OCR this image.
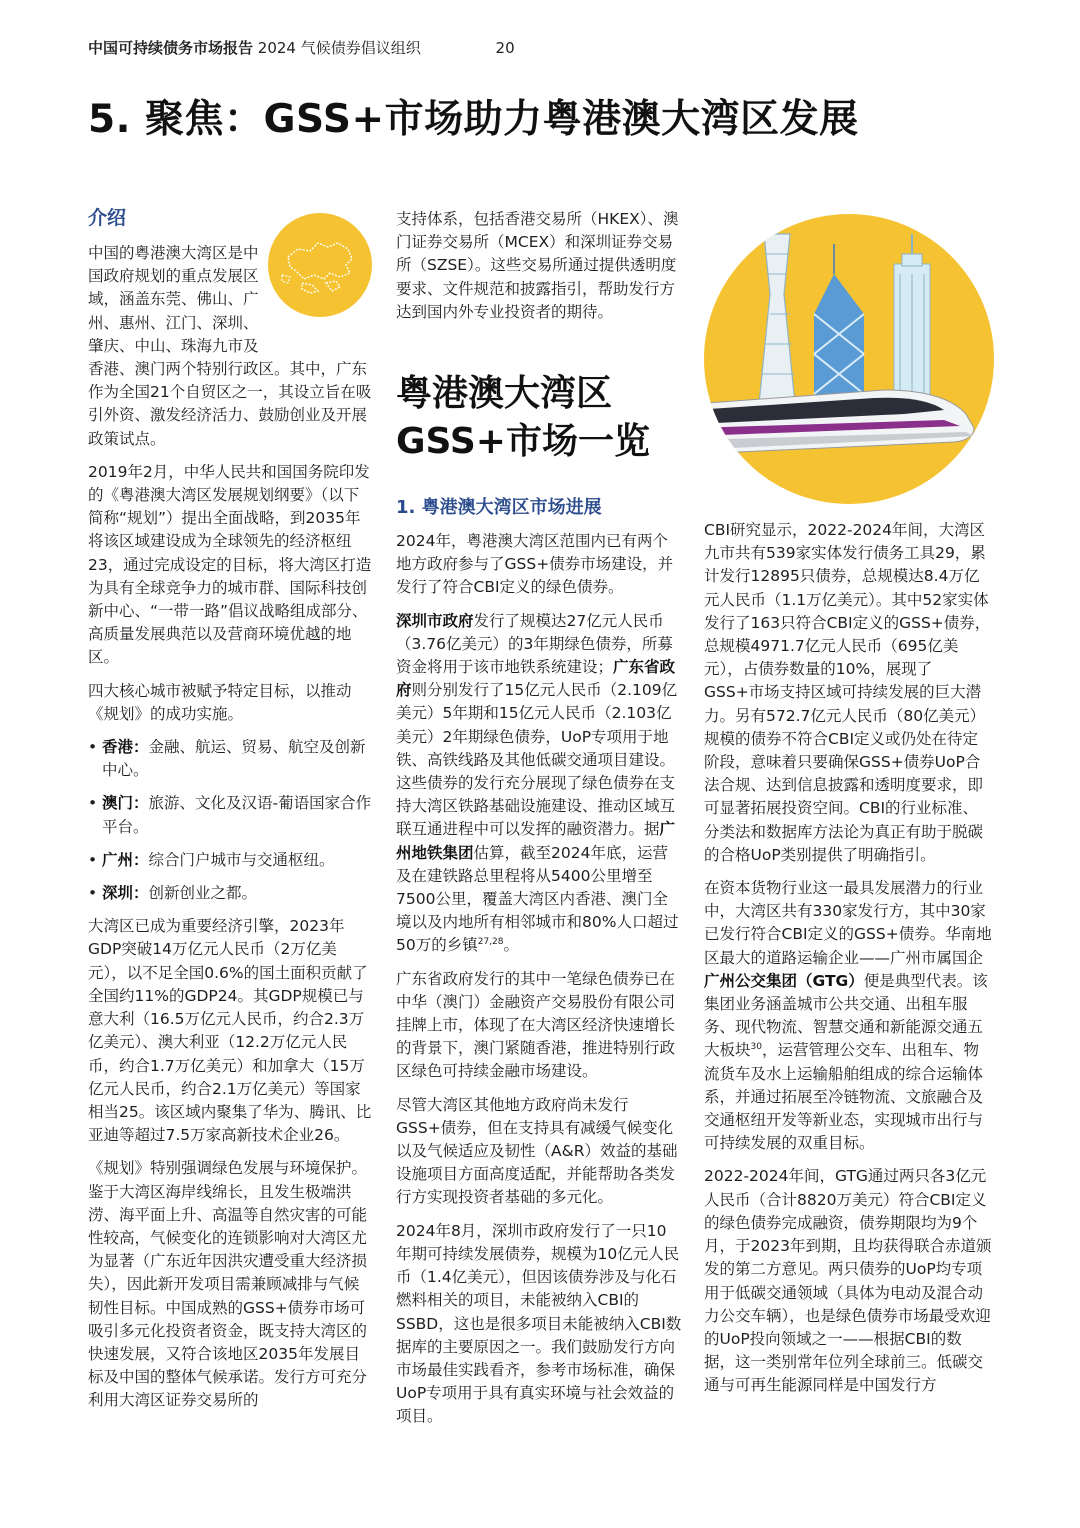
中国可持续债务市场报告 2024 气候债券倡议组织	20
5. 聚焦：GSS+市场助力粤港澳大湾区发展
介绍

中国的粤港澳大湾区是中国政府规划的重点发展区域，涵盖东莞、佛山、广州、惠州、江门、深圳、肇庆、中山、珠海九市及香港、澳门两个特别行政区。其中，广东作为全国21个自贸区之一，其设立旨在吸引外资、激发经济活力、鼓励创业及开展政策试点。

2019年2月，中华人民共和国国务院印发的《粤港澳大湾区发展规划纲要》（以下简称“规划”）提出全面战略，到2035年将该区域建设成为全球领先的经济枢纽23，通过完成设定的目标，将大湾区打造为具有全球竞争力的城市群、国际科技创新中心、“一带一路”倡议战略组成部分、高质量发展典范以及营商环境优越的地区。

四大核心城市被赋予特定目标，以推动《规划》的成功实施。

• 香港：金融、航运、贸易、航空及创新中心。
• 澳门：旅游、文化及汉语-葡语国家合作平台。
• 广州：综合门户城市与交通枢纽。
• 深圳：创新创业之都。

大湾区已成为重要经济引擎，2023年GDP突破14万亿元人民币（2万亿美元），以不足全国0.6%的国土面积贡献了全国约11%的GDP24。其GDP规模已与意大利（16.5万亿元人民币，约合2.3万亿美元）、澳大利亚（12.2万亿元人民币，约合1.7万亿美元）和加拿大（15万亿元人民币，约合2.1万亿美元）等国家相当25。该区域内聚集了华为、腾讯、比亚迪等超过7.5万家高新技术企业26。

《规划》特别强调绿色发展与环境保护。鉴于大湾区海岸线绵长，且发生极端洪涝、海平面上升、高温等自然灾害的可能性较高，气候变化的连锁影响对大湾区尤为显著（广东近年因洪灾遭受重大经济损失），因此新开发项目需兼顾减排与气候韧性目标。中国成熟的GSS+债券市场可吸引多元化投资者资金，既支持大湾区的快速发展，又符合该地区2035年发展目标及中国的整体气候承诺。发行方可充分利用大湾区证券交易所的

支持体系，包括香港交易所（HKEX）、澳门证券交易所（MCEX）和深圳证券交易所（SZSE）。这些交易所通过提供透明度要求、文件规范和披露指引，帮助发行方达到国内外专业投资者的期待。

粤港澳大湾区
GSS+市场一览
1. 粤港澳大湾区市场进展

2024年，粤港澳大湾区范围内已有两个地方政府参与了GSS+债券市场建设，并发行了符合CBI定义的绿色债券。

深圳市政府发行了规模达27亿元人民币（3.76亿美元）的3年期绿色债券，所募资金将用于该市地铁系统建设；广东省政府则分别发行了15亿元人民币（2.109亿美元）5年期和15亿元人民币（2.103亿美元）2年期绿色债券，UoP专项用于地铁、高铁线路及其他低碳交通项目建设。这些债券的发行充分展现了绿色债券在支持大湾区铁路基础设施建设、推动区域互联互通进程中可以发挥的融资潜力。据广州地铁集团估算，截至2024年底，运营及在建铁路总里程将从5400公里增至7500公里，覆盖大湾区内香港、澳门全境以及内地所有相邻城市和80%人口超过50万的乡镇$^{27,28}$。

广东省政府发行的其中一笔绿色债券已在中华（澳门）金融资产交易股份有限公司挂牌上市，体现了在大湾区经济快速增长的背景下，澳门紧随香港，推进特别行政区绿色可持续金融市场建设。

尽管大湾区其他地方政府尚未发行GSS+债券，但在支持具有减缓气候变化以及气候适应及韧性（A&R）效益的基础设施项目方面高度适配，并能帮助各类发行方实现投资者基础的多元化。

2024年8月，深圳市政府发行了一只10年期可持续发展债券，规模为10亿元人民币（1.4亿美元），但因该债券涉及与化石燃料相关的项目，未能被纳入CBI的SSBD，这也是很多项目未能被纳入CBI数据库的主要原因之一。我们鼓励发行方向市场最佳实践看齐，参考市场标准，确保UoP专项用于具有真实环境与社会效益的项目。

CBI研究显示，2022-2024年间，大湾区九市共有539家实体发行债务工具29，累计发行12895只债券，总规模达8.4万亿元人民币（1.1万亿美元）。其中52家实体发行了163只符合CBI定义的GSS+债券，总规模4971.7亿元人民币（695亿美元），占债券数量的10%，展现了GSS+市场支持区域可持续发展的巨大潜力。另有572.7亿元人民币（80亿美元）规模的债券不符合CBI定义或仍处在待定阶段，意味着只要确保GSS+债券UoP合法合规、达到信息披露和透明度要求，即可显著拓展投资空间。CBI的行业标准、分类法和数据库方法论为真正有助于脱碳的合格UoP类别提供了明确指引。

在资本货物行业这一最具发展潜力的行业中，大湾区共有330家发行方，其中30家已发行符合CBI定义的GSS+债券。华南地区最大的道路运输企业——广州市属国企广州公交集团（GTG）便是典型代表。该集团业务涵盖城市公共交通、出租车服务、现代物流、智慧交通和新能源交通五大板块$^{30}$，运营管理公交车、出租车、物流货车及水上运输船舶组成的综合运输体系，并通过拓展至冷链物流、文旅融合及交通枢纽开发等新业态，实现城市出行与可持续发展的双重目标。

2022-2024年间，GTG通过两只各3亿元人民币（合计8820万美元）符合CBI定义的绿色债券完成融资，债券期限均为9个月，于2023年到期，且均获得联合赤道颁发的第二方意见。两只债券的UoP均专项用于低碳交通领域（具体为电动及混合动力公交车辆），也是绿色债券市场最受欢迎的UoP投向领域之一——根据CBI的数据，这一类别常年位列全球前三。低碳交通与可再生能源同样是中国发行方
